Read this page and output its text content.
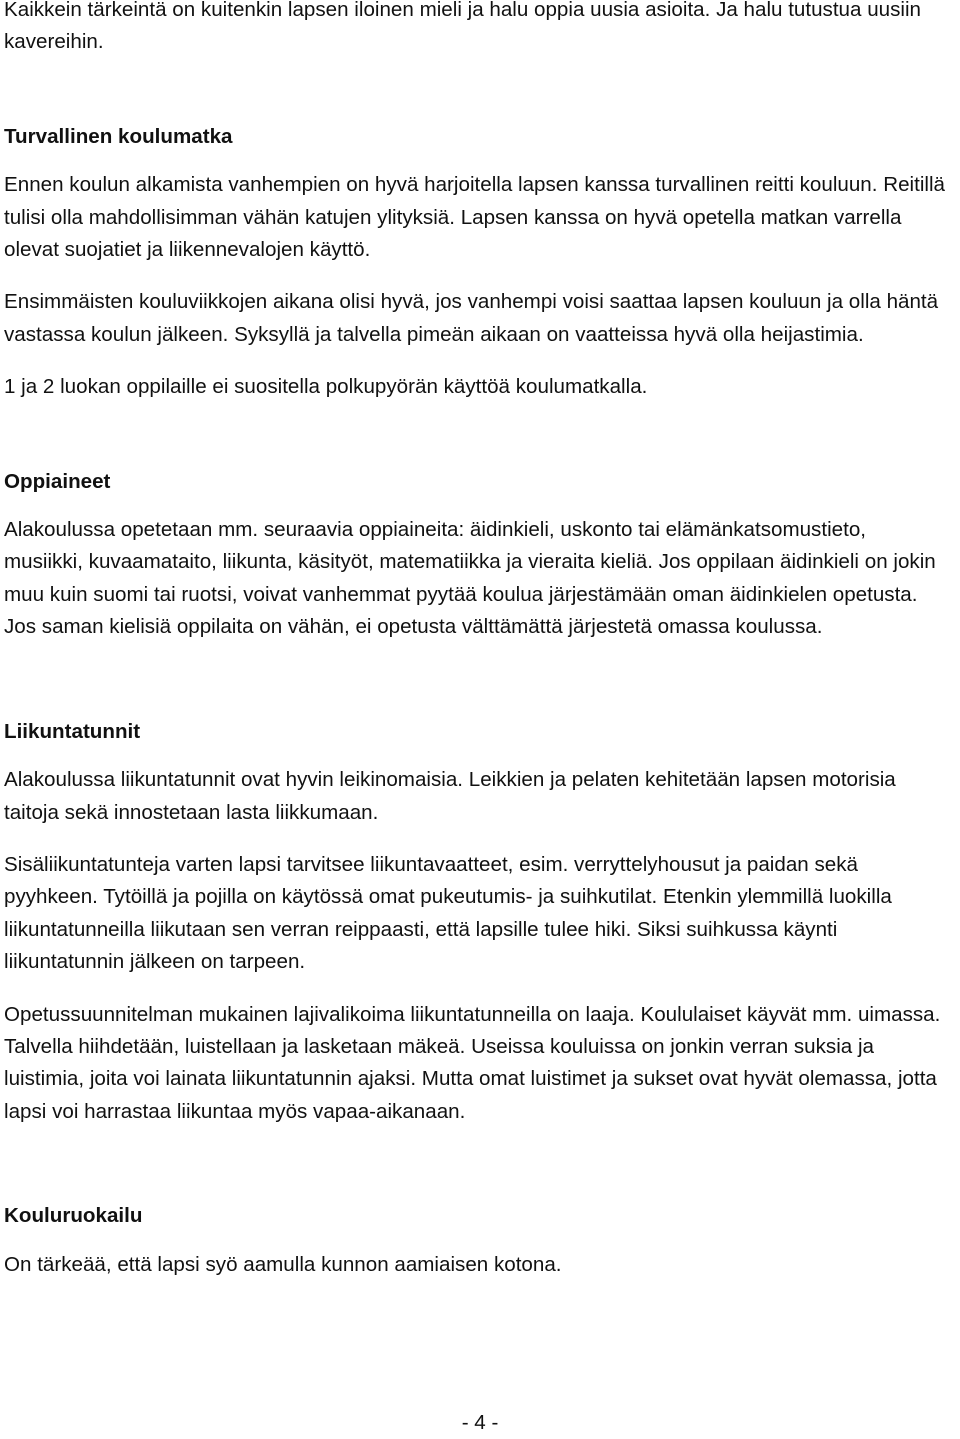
Kaikkein tärkeintä on kuitenkin lapsen iloinen mieli ja halu oppia uusia asioita. Ja halu tutustua uusiin kavereihin.

Turvallinen koulumatka

Ennen koulun alkamista vanhempien on hyvä harjoitella lapsen kanssa turvallinen reitti kouluun. Reitillä tulisi olla mahdollisimman vähän katujen ylityksiä. Lapsen kanssa on hyvä opetella matkan varrella olevat suojatiet ja liikennevalojen käyttö.

Ensimmäisten kouluviikkojen aikana olisi hyvä, jos vanhempi voisi saattaa lapsen kouluun ja olla häntä vastassa koulun jälkeen. Syksyllä ja talvella pimeän aikaan on vaatteissa hyvä olla heijastimia.

1 ja 2 luokan oppilaille ei suositella polkupyörän käyttöä koulumatkalla.

Oppiaineet

Alakoulussa opetetaan mm. seuraavia oppiaineita: äidinkieli, uskonto tai elämänkatsomustieto, musiikki, kuvaamataito, liikunta, käsityöt, matematiikka ja vieraita kieliä. Jos oppilaan äidinkieli on jokin muu kuin suomi tai ruotsi, voivat vanhemmat pyytää koulua järjestämään oman äidinkielen opetusta. Jos saman kielisiä oppilaita on vähän, ei opetusta välttämättä järjestetä omassa koulussa.

Liikuntatunnit

Alakoulussa liikuntatunnit ovat hyvin leikinomaisia. Leikkien ja pelaten kehitetään lapsen motorisia taitoja sekä innostetaan lasta liikkumaan.

Sisäliikuntatunteja varten lapsi tarvitsee liikuntavaatteet, esim. verryttelyhousut ja paidan sekä pyyhkeen. Tytöillä ja pojilla on käytössä omat pukeutumis- ja suihkutilat. Etenkin ylemmillä luokilla liikuntatunneilla liikutaan sen verran reippaasti, että lapsille tulee hiki. Siksi suihkussa käynti liikuntatunnin jälkeen on tarpeen.

Opetussuunnitelman mukainen lajivalikoima liikuntatunneilla on laaja. Koululaiset käyvät mm. uimassa. Talvella hiihdetään, luistellaan ja lasketaan mäkeä. Useissa kouluissa on jonkin verran suksia ja luistimia, joita voi lainata liikuntatunnin ajaksi. Mutta omat luistimet ja sukset ovat hyvät olemassa, jotta lapsi voi harrastaa liikuntaa myös vapaa-aikanaan.

Kouluruokailu

On tärkeää, että lapsi syö aamulla kunnon aamiaisen kotona.

- 4 -
